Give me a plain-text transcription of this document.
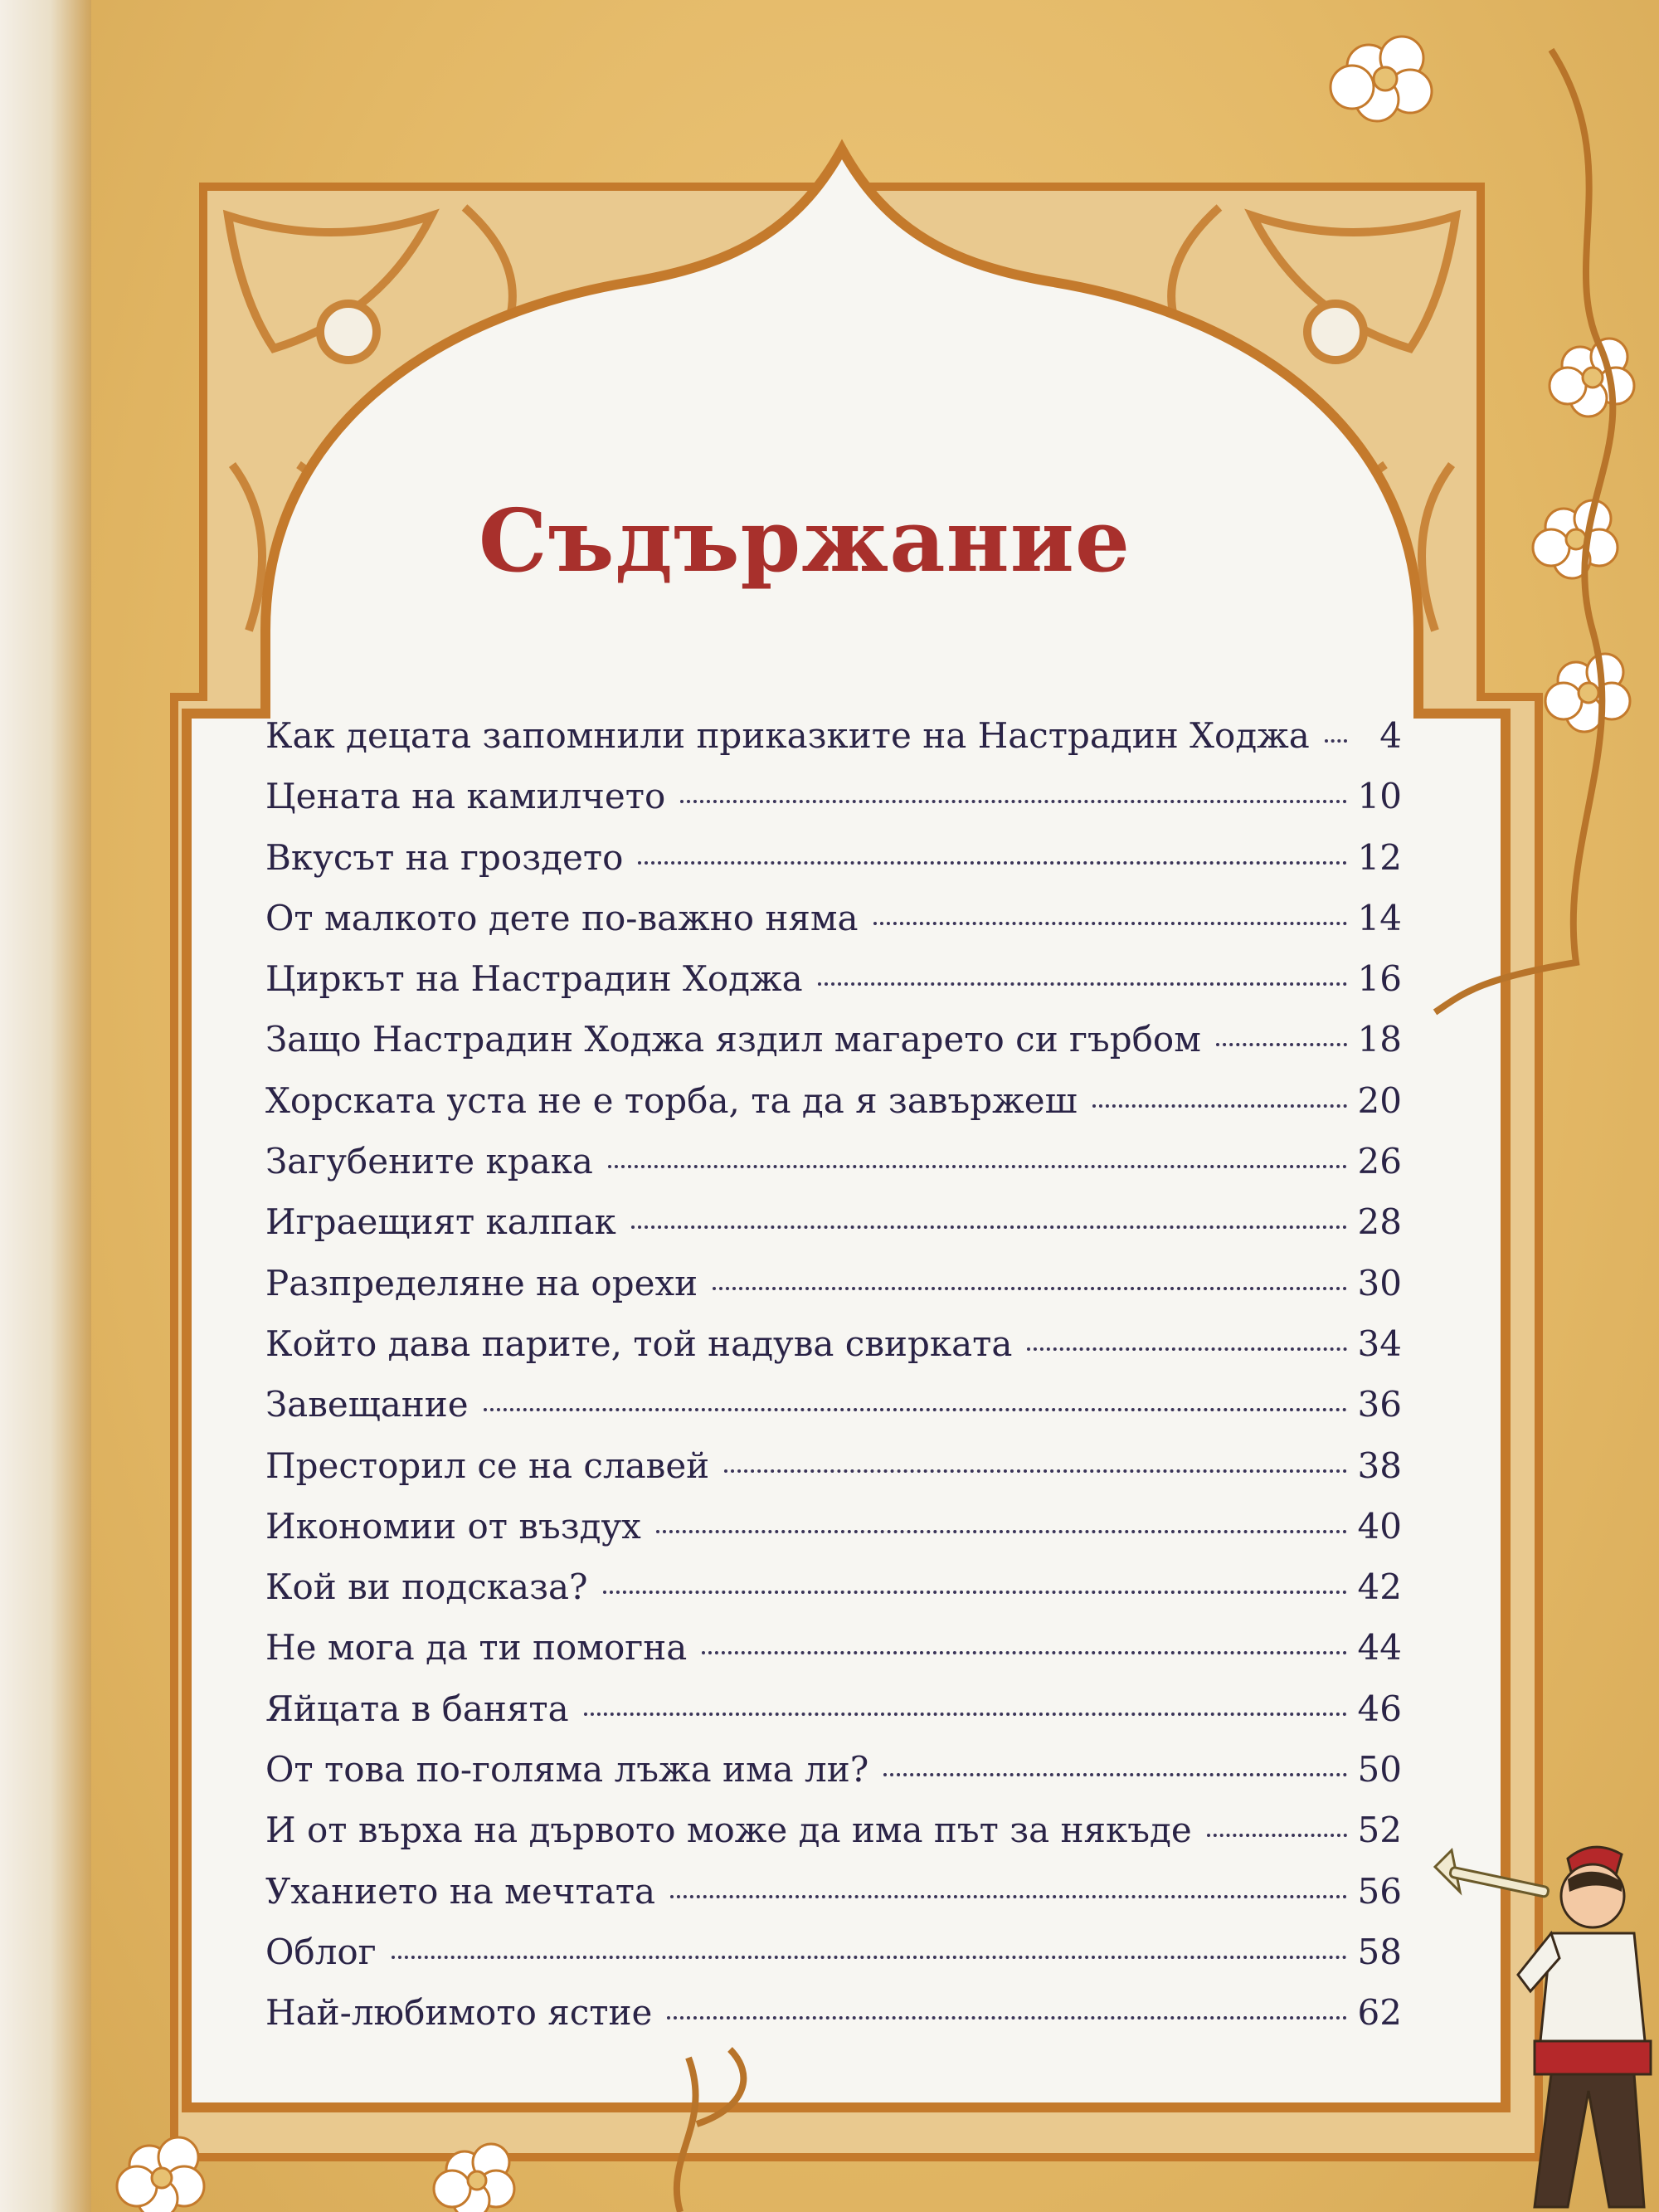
Съдържание
Как децата запомнили приказките на Настрадин Ходжа	4
Цената на камилчето	10
Вкусът на гроздето	12
От малкото дете по-важно няма	14
Циркът на Настрадин Ходжа	16
Защо Настрадин Ходжа яздил магарето си гърбом	18
Хорската уста не е торба, та да я завържеш	20
Загубените крака	26
Играещият калпак	28
Разпределяне на орехи	30
Който дава парите, той надува свирката	34
Завещание	36
Престорил се на славей	38
Икономии от въздух	40
Кой ви подсказа?	42
Не мога да ти помогна	44
Яйцата в банята	46
От това по-голяма лъжа има ли?	50
И от върха на дървото може да има път за някъде	52
Уханието на мечтата	56
Облог	58
Най-любимото ястие	62
